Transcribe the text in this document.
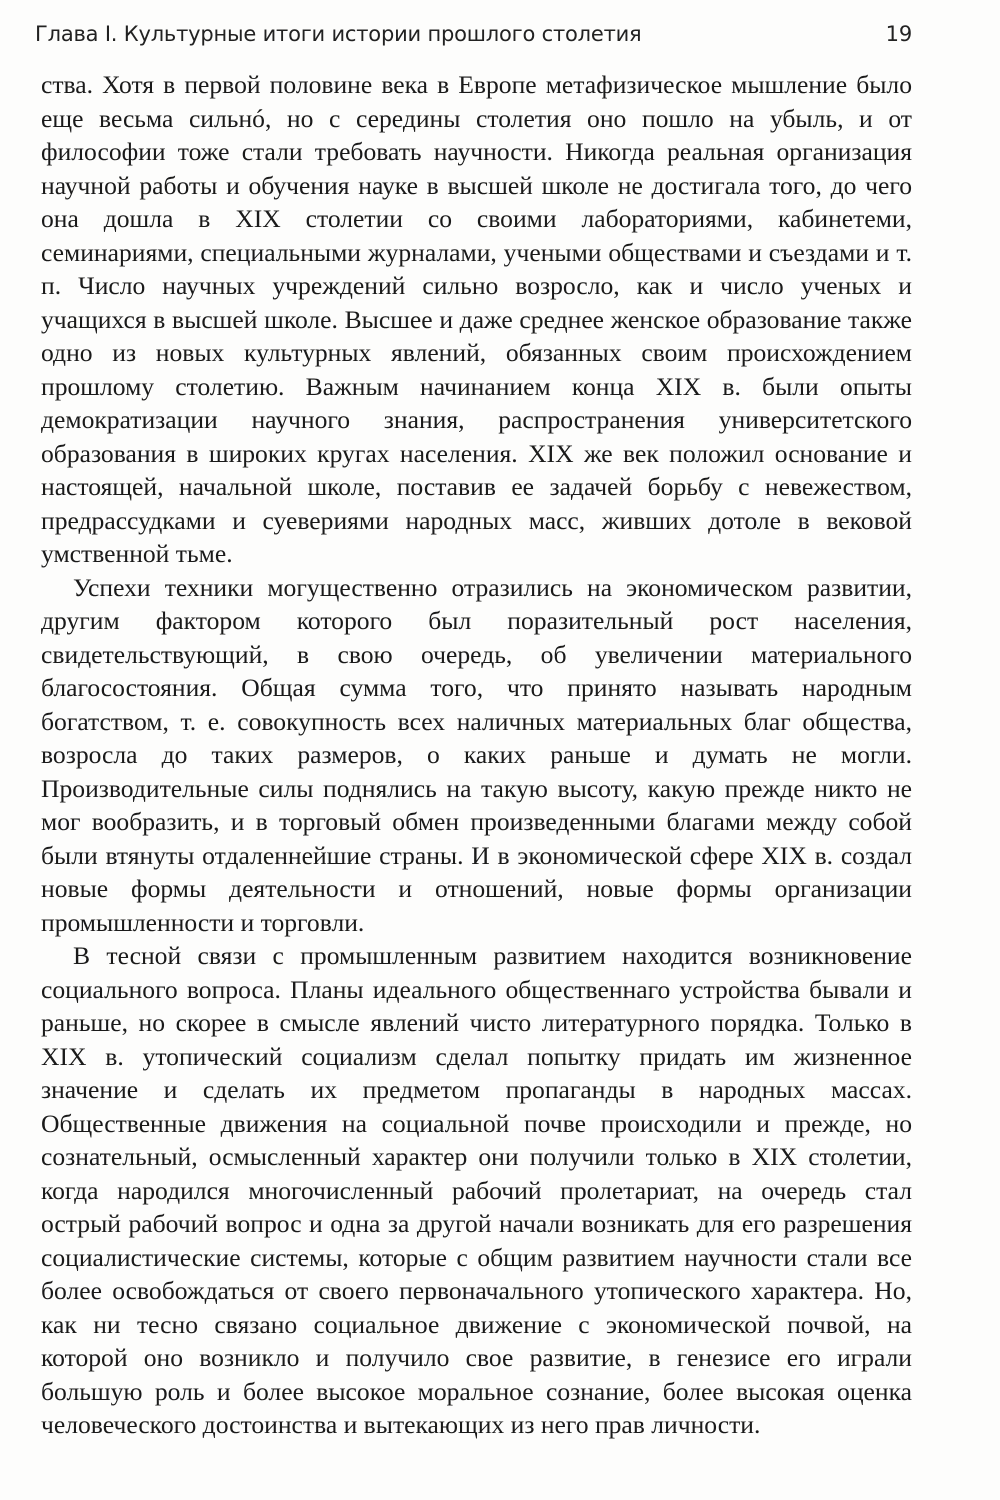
Глава I. Культурные итоги истории прошлого столетия	19

ства. Хотя в первой половине века в Европе метафизическое мышление было еще весьма сильнó, но с середины столетия оно пошло на убыль, и от философии тоже стали требовать научности. Никогда реальная организация научной работы и обучения науке в высшей школе не достигала того, до чего она дошла в XIX столетии со своими лабораториями, кабинетеми, семинариями, специальными журналами, учеными обществами и съездами и т. п. Число научных учреждений сильно возросло, как и число ученых и учащихся в высшей школе. Высшее и даже среднее женское образование также одно из новых культурных явлений, обязанных своим происхождением прошлому столетию. Важным начинанием конца XIX в. были опыты демократизации научного знания, распространения университетского образования в широких кругах населения. XIX же век положил основание и настоящей, начальной школе, поставив ее задачей борьбу с невежеством, предрассудками и суевериями народных масс, живших дотоле в вековой умственной тьме.

Успехи техники могущественно отразились на экономическом развитии, другим фактором которого был поразительный рост населения, свидетельствующий, в свою очередь, об увеличении материального благосостояния. Общая сумма того, что принято называть народным богатством, т. е. совокупность всех наличных материальных благ общества, возросла до таких размеров, о каких раньше и думать не могли. Производительные силы поднялись на такую высоту, какую прежде никто не мог вообразить, и в торговый обмен произведенными благами между собой были втянуты отдаленнейшие страны. И в экономической сфере XIX в. создал новые формы деятельности и отношений, новые формы организации промышленности и торговли.

В тесной связи с промышленным развитием находится возникновение социального вопроса. Планы идеального общественнаго устройства бывали и раньше, но скорее в смысле явлений чисто литературного порядка. Только в XIX в. утопический социализм сделал попытку придать им жизненное значение и сделать их предметом пропаганды в народных массах. Общественные движения на социальной почве происходили и прежде, но сознательный, осмысленный характер они получили только в XIX столетии, когда народился многочисленный рабочий пролетариат, на очередь стал острый рабочий вопрос и одна за другой начали возникать для его разрешения социалистические системы, которые с общим развитием научности стали все более освобождаться от своего первоначального утопического характера. Но, как ни тесно связано социальное движение с экономической почвой, на которой оно возникло и получило свое развитие, в генезисе его играли большую роль и более высокое моральное сознание, более высокая оценка человеческого достоинства и вытекающих из него прав личности.
